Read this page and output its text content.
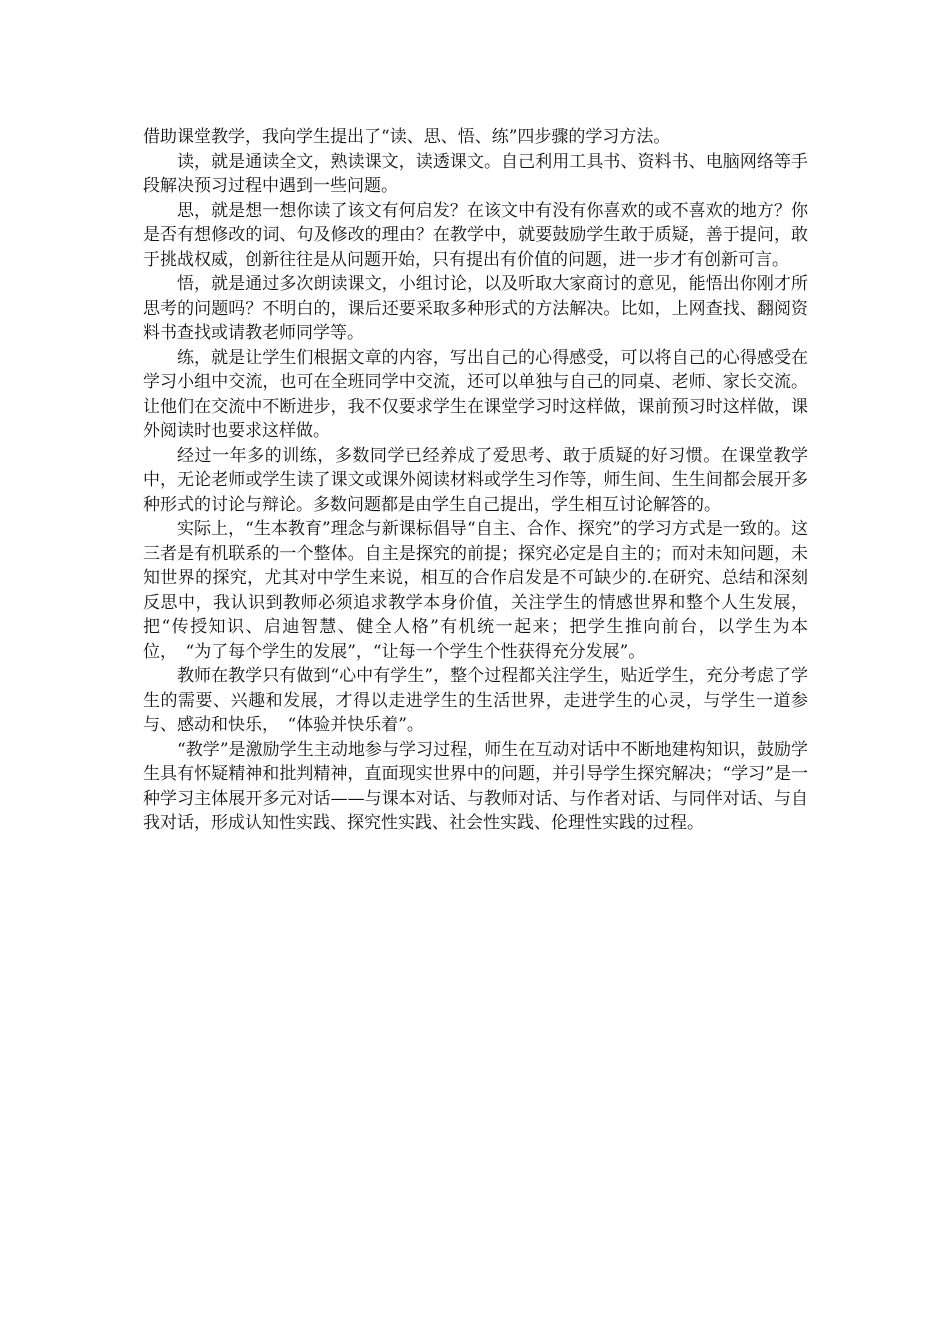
借助课堂教学，我向学生提出了“读、思、悟、练”四步骤的学习方法。

读，就是通读全文，熟读课文，读透课文。自己利用工具书、资料书、电脑网络等手段解决预习过程中遇到一些问题。

思，就是想一想你读了该文有何启发？在该文中有没有你喜欢的或不喜欢的地方？你是否有想修改的词、句及修改的理由？在教学中，就要鼓励学生敢于质疑，善于提问，敢于挑战权威，创新往往是从问题开始，只有提出有价值的问题，进一步才有创新可言。

悟，就是通过多次朗读课文，小组讨论，以及听取大家商讨的意见，能悟出你刚才所思考的问题吗？不明白的，课后还要采取多种形式的方法解决。比如，上网查找、翻阅资料书查找或请教老师同学等。

练，就是让学生们根据文章的内容，写出自己的心得感受，可以将自己的心得感受在学习小组中交流，也可在全班同学中交流，还可以单独与自己的同桌、老师、家长交流。让他们在交流中不断进步，我不仅要求学生在课堂学习时这样做，课前预习时这样做，课外阅读时也要求这样做。

经过一年多的训练，多数同学已经养成了爱思考、敢于质疑的好习惯。在课堂教学中，无论老师或学生读了课文或课外阅读材料或学生习作等，师生间、生生间都会展开多种形式的讨论与辩论。多数问题都是由学生自己提出，学生相互讨论解答的。

实际上，“生本教育”理念与新课标倡导“自主、合作、探究”的学习方式是一致的。这三者是有机联系的一个整体。自主是探究的前提；探究必定是自主的；而对未知问题，未知世界的探究，尤其对中学生来说，相互的合作启发是不可缺少的.在研究、总结和深刻反思中，我认识到教师必须追求教学本身价值，关注学生的情感世界和整个人生发展，把“传授知识、启迪智慧、健全人格”有机统一起来；把学生推向前台，以学生为本位，　“为了每个学生的发展”，“让每一个学生个性获得充分发展”。

教师在教学只有做到“心中有学生”，整个过程都关注学生，贴近学生，充分考虑了学生的需要、兴趣和发展，才得以走进学生的生活世界，走进学生的心灵，与学生一道参与、感动和快乐，　“体验并快乐着”。

“教学”是激励学生主动地参与学习过程，师生在互动对话中不断地建构知识，鼓励学生具有怀疑精神和批判精神，直面现实世界中的问题，并引导学生探究解决；“学习”是一种学习主体展开多元对话——与课本对话、与教师对话、与作者对话、与同伴对话、与自我对话，形成认知性实践、探究性实践、社会性实践、伦理性实践的过程。
